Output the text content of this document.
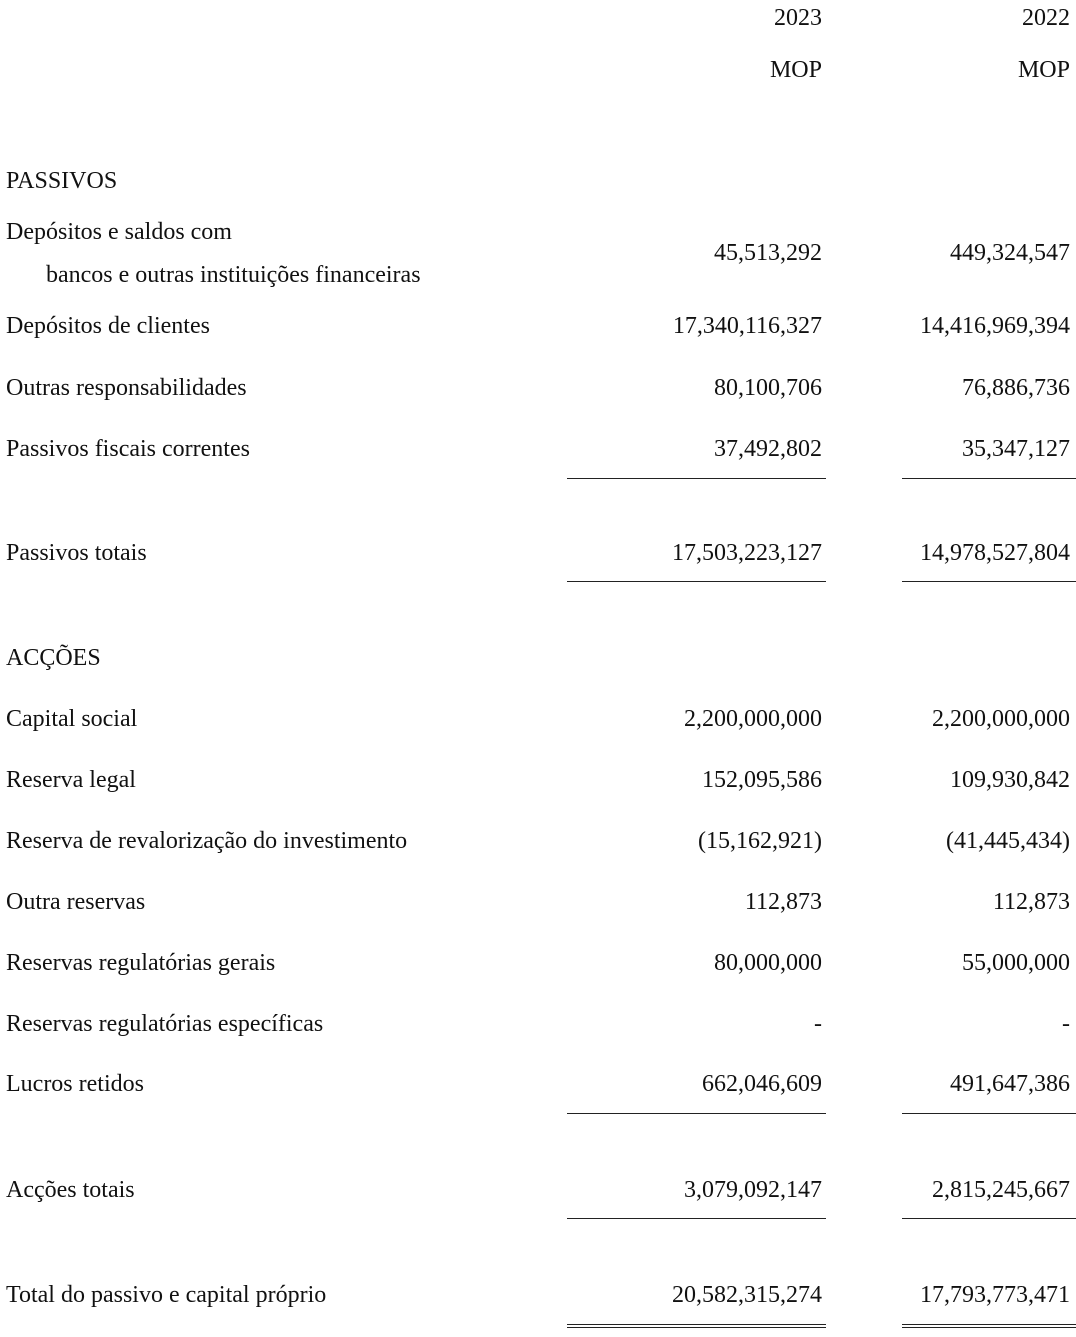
2023	2022
MOP	MOP
PASSIVOS
Depósitos e saldos com
bancos e outras instituições financeiras
45,513,292	449,324,547
Depósitos de clientes	17,340,116,327	14,416,969,394
Outras responsabilidades	80,100,706	76,886,736
Passivos fiscais correntes	37,492,802	35,347,127
Passivos totais	17,503,223,127	14,978,527,804
ACÇÕES
Capital social	2,200,000,000	2,200,000,000
Reserva legal	152,095,586	109,930,842
Reserva de revalorização do investimento	(15,162,921)	(41,445,434)
Outra reservas	112,873	112,873
Reservas regulatórias gerais	80,000,000	55,000,000
Reservas regulatórias específicas	-	-
Lucros retidos	662,046,609	491,647,386
Acções totais	3,079,092,147	2,815,245,667
Total do passivo e capital próprio	20,582,315,274	17,793,773,471
